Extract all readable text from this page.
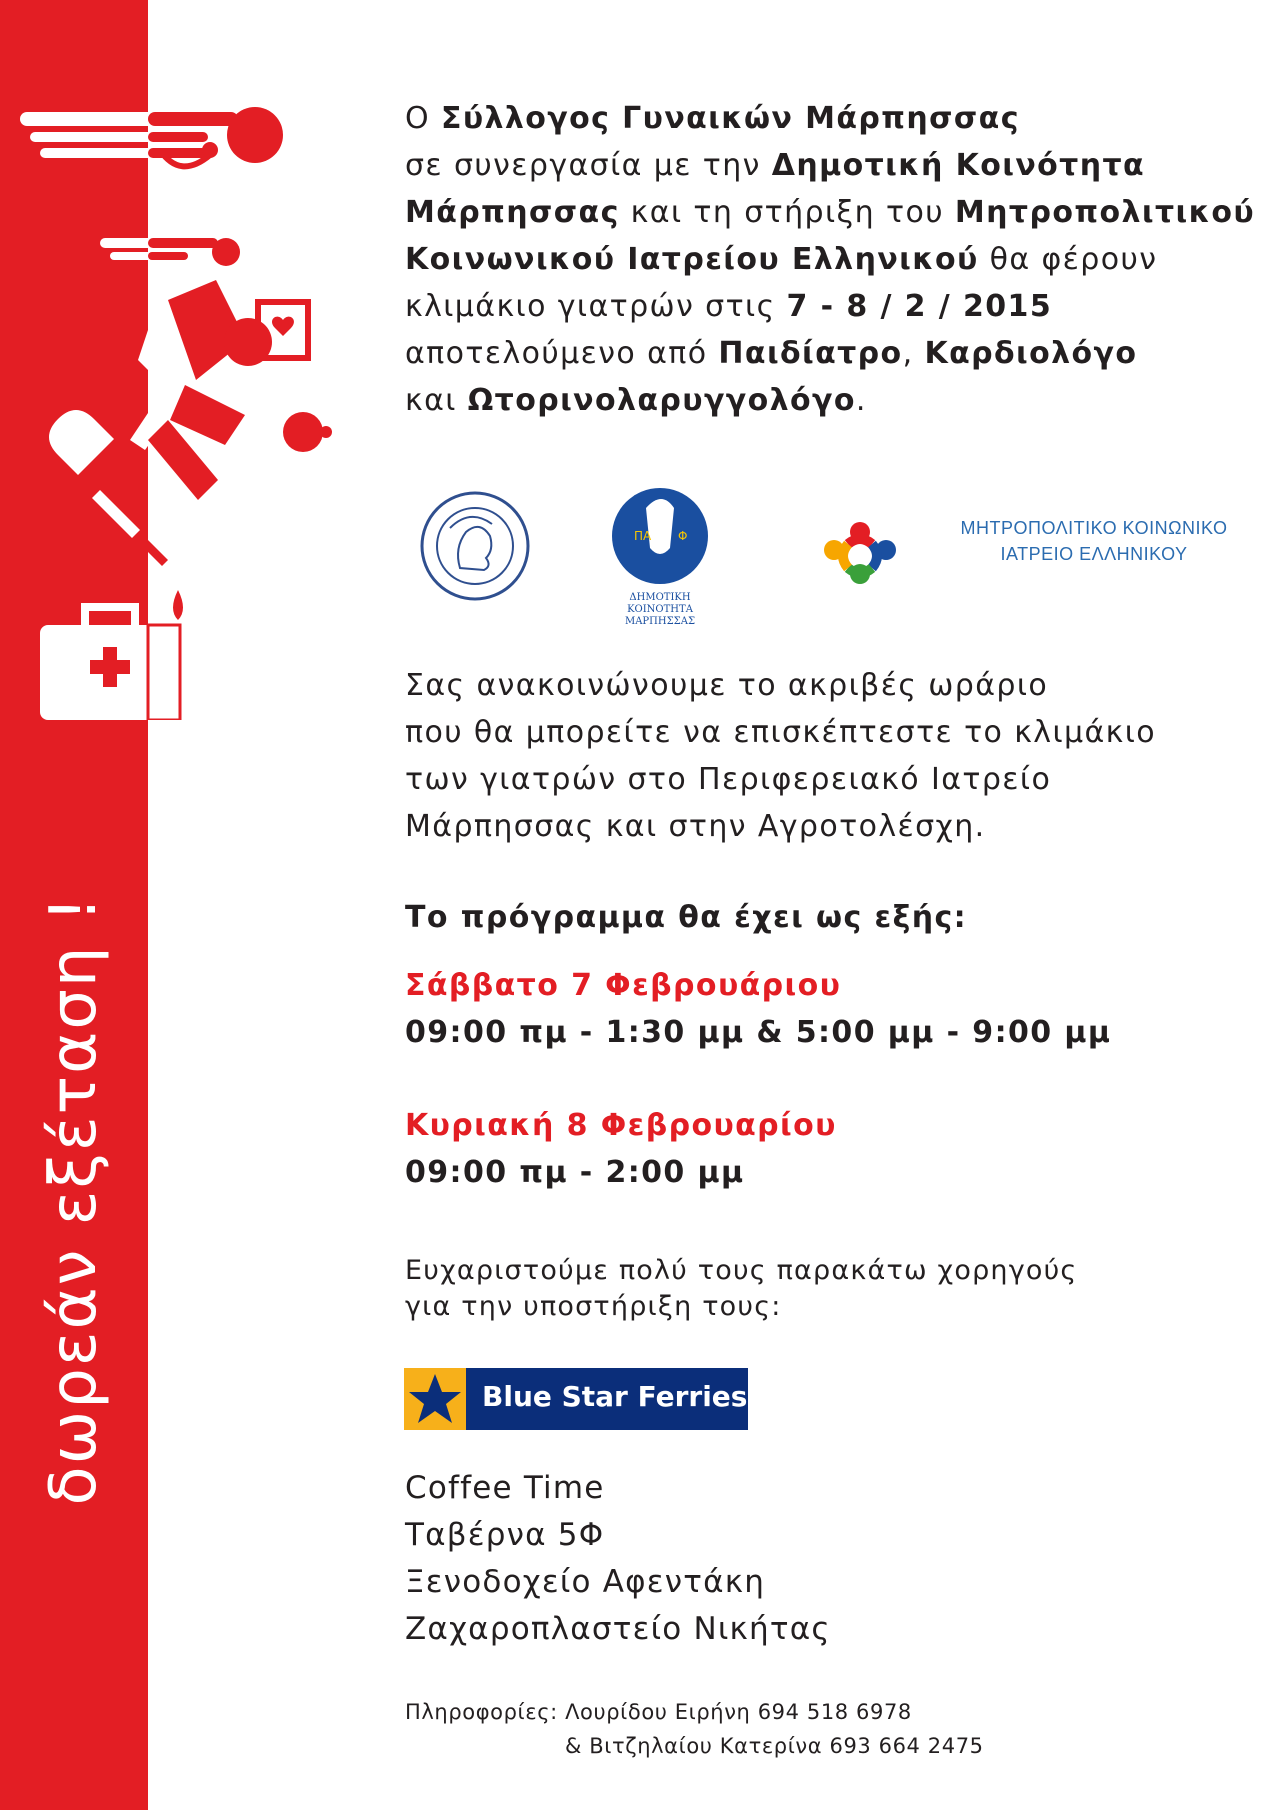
δωρεάν εξέταση !

Ο Σύλλογος Γυναικών Μάρπησσας

σε συνεργασία με την Δημοτική Κοινότητα

Μάρπησσας και τη στήριξη του Μητροπολιτικού

Κοινωνικού Ιατρείου Ελληνικού θα φέρουν

κλιμάκιο γιατρών στις 7 - 8 / 2 / 2015

αποτελούμενο από Παιδίατρο, Καρδιολόγο

και Ωτορινολαρυγγολόγο.

Σας ανακοινώνουμε το ακριβές ωράριο

που θα μπορείτε να επισκέπτεστε το κλιμάκιο

των γιατρών στο Περιφερειακό Ιατρείο

Μάρπησσας και στην Αγροτολέσχη.

Το πρόγραμμα θα έχει ως εξής:
Σάββατο 7 Φεβρουάριου
09:00 πμ - 1:30 μμ & 5:00 μμ - 9:00 μμ
Κυριακή 8 Φεβρουαρίου
09:00 πμ - 2:00 μμ
Ευχαριστούμε πολύ τους παρακάτω χορηγούς
για την υποστήριξη τους:
Coffee Time
Ταβέρνα 5Φ
Ξενοδοχείο Αφεντάκη
Ζαχαροπλαστείο Νικήτας
Πληροφορίες: Λουρίδου Ειρήνη 694 518 6978
& Βιτζηλαίου Κατερίνα 693 664 2475
ΠΑ Φ
ΔΗΜΟΤΙΚΗ
ΚΟΙΝΟΤΗΤΑ
ΜΑΡΠΗΣΣΑΣ
ΜΗΤΡΟΠΟΛΙΤΙΚΟ ΚΟΙΝΩΝΙΚΟ
ΙΑΤΡΕΙΟ ΕΛΛΗΝΙΚΟΥ
Blue Star Ferries
